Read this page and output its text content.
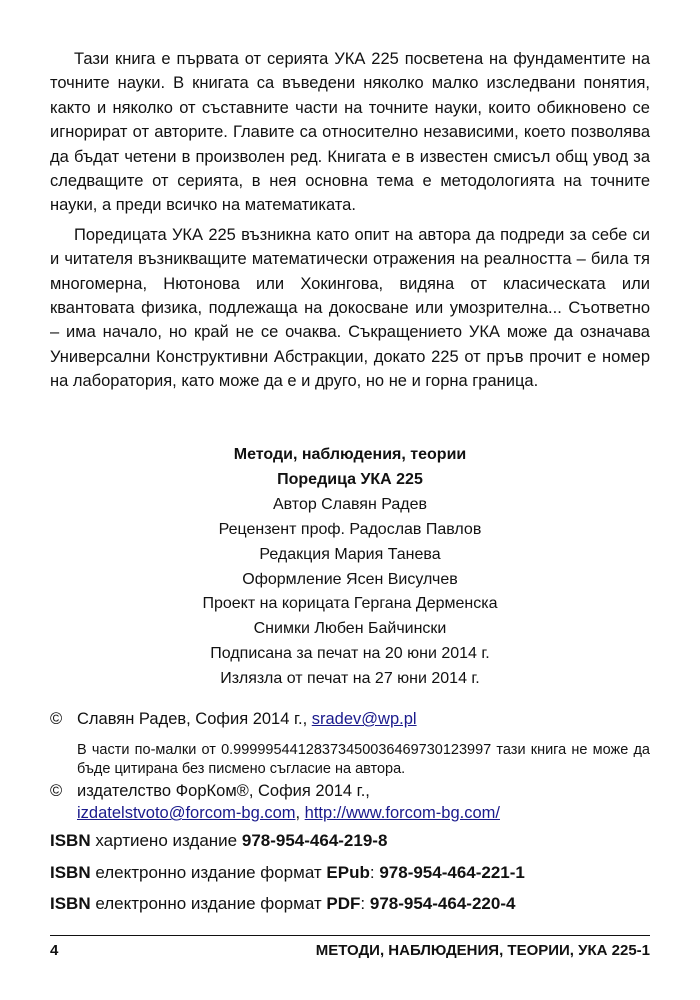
Тази книга е първата от серията УКА 225 посветена на фундаментите на точните науки. В книгата са въведени няколко малко изследвани понятия, както и няколко от съставните части на точните науки, които обикновено се игнорират от авторите. Главите са относително независими, което позволява да бъдат четени в произволен ред. Книгата е в известен смисъл общ увод за следващите от серията, в нея основна тема е методологията на точните науки, а преди всичко на математиката.

Поредицата УКА 225 възникна като опит на автора да подреди за себе си и читателя възникващите математически отражения на реалността – била тя многомерна, Нютонова или Хокингова, видяна от класическата или квантовата физика, подлежаща на докосване или умозрителна... Съответно – има начало, но край не се очаква. Съкращението УКА може да означава Универсални Конструктивни Абстракции, докато 225 от пръв прочит е номер на лаборатория, като може да е и друго, но не и горна граница.

Методи, наблюдения, теории
Поредица УКА 225
Автор Славян Радев
Рецензент проф. Радослав Павлов
Редакция Мария Танева
Оформление Ясен Висулчев
Проект на корицата Гергана Дерменска
Снимки Любен Байчински
Подписана за печат на 20 юни 2014 г.
Излязла от печат на 27 юни 2014 г.
© Славян Радев, София 2014 г., sradev@wp.pl
В части по-малки от 0.99999544128373450036469730123997 тази книга не може да бъде цитирана без писмено съгласие на автора.
© издателство ФорКом®, София 2014 г.,
izdatelstvoto@forcom-bg.com, http://www.forcom-bg.com/
ISBN хартиено издание 978-954-464-219-8
ISBN електронно издание формат EPub: 978-954-464-221-1
ISBN електронно издание формат PDF: 978-954-464-220-4
4	МЕТОДИ, НАБЛЮДЕНИЯ, ТЕОРИИ, УКА 225-1
